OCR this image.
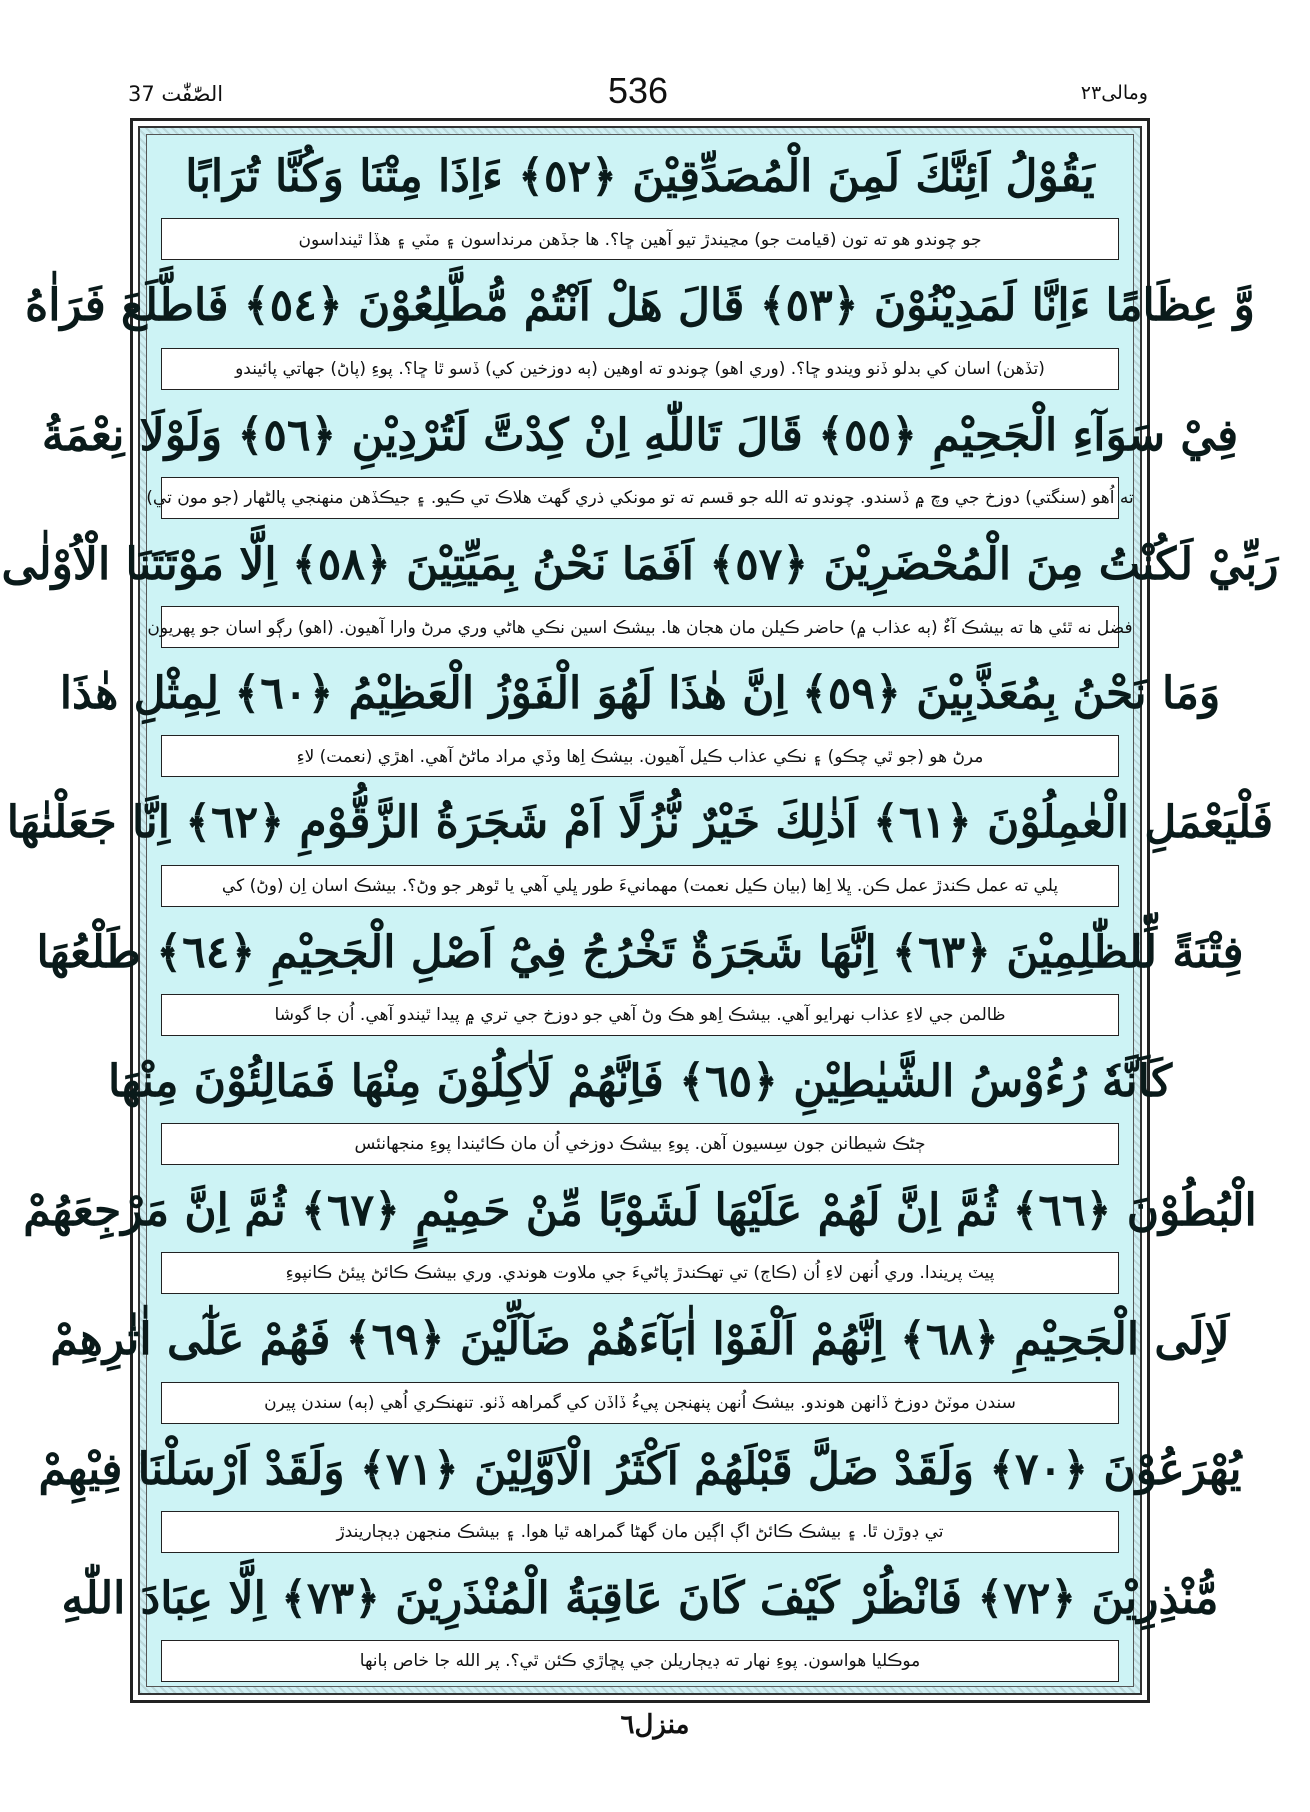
الصّٰفّٰت 37	536	ومالی٢٣
يَقُوْلُ اَئِنَّكَ لَمِنَ الْمُصَدِّقِيْنَ ﴿٥٢﴾ ءَاِذَا مِتْنَا وَكُنَّا تُرَابًا
جو چوندو هو ته تون (قيامت جو) مڃيندڙ تيو آهين ڇا؟. ها جڏهن مرنداسون ۽ مٽي ۽ هڏا ٿينداسون
وَّ عِظَامًا ءَاِنَّا لَمَدِيْنُوْنَ ﴿٥٣﴾ قَالَ هَلْ اَنْتُمْ مُّطَّلِعُوْنَ ﴿٥٤﴾ فَاطَّلَعَ فَرَاٰهُ
(تڏهن) اسان کي بدلو ڏنو ويندو ڇا؟. (وري اهو) چوندو ته اوهين (ٻه دوزخين کي) ڏسو ٿا ڇا؟. پوءِ (پاڻ) جهاتي پائيندو
فِيْ سَوَآءِ الْجَحِيْمِ ﴿٥٥﴾ قَالَ تَاللّٰهِ اِنْ كِدْتَّ لَتُرْدِيْنِ ﴿٥٦﴾ وَلَوْلَا نِعْمَةُ
ته اُهو (سنگتي) دوزخ جي وچ ۾ ڏسندو. چوندو ته الله جو قسم ته تو مونکي ذري گهٽ هلاڪ تي ڪيو. ۽ جيڪڏهن منهنجي پالڻهار (جو مون تي)
رَبِّيْ لَكُنْتُ مِنَ الْمُحْضَرِيْنَ ﴿٥٧﴾ اَفَمَا نَحْنُ بِمَيِّتِيْنَ ﴿٥٨﴾ اِلَّا مَوْتَتَنَا الْاُوْلٰى
فضل نه ٿئي ها ته بيشڪ آءٌ (ٻه عذاب ۾) حاضر ڪيلن مان هجان ها. بيشڪ اسين نڪي هاڻي وري مرڻ وارا آهيون. (اهو) رڳو اسان جو پهريون
وَمَا نَحْنُ بِمُعَذَّبِيْنَ ﴿٥٩﴾ اِنَّ هٰذَا لَهُوَ الْفَوْزُ الْعَظِيْمُ ﴿٦٠﴾ لِمِثْلِ هٰذَا
مرڻ هو (جو ٿي چڪو) ۽ نڪي عذاب ڪيل آهيون. بيشڪ اِها وڏي مراد ماڻڻ آهي. اهڙي (نعمت) لاءِ
فَلْيَعْمَلِ الْعٰمِلُوْنَ ﴿٦١﴾ اَذٰلِكَ خَيْرٌ نُّزُلًا اَمْ شَجَرَةُ الزَّقُّوْمِ ﴿٦٢﴾ اِنَّا جَعَلْنٰهَا
پلي ته عمل ڪندڙ عمل ڪن. ڀلا اِها (بيان ڪيل نعمت) مهمانيءَ طور ڀلي آهي يا ٿوهر جو وڻ؟. بيشڪ اسان اِن (وڻ) کي
فِتْنَةً لِّلظّٰلِمِيْنَ ﴿٦٣﴾ اِنَّهَا شَجَرَةٌ تَخْرُجُ فِيْٓ اَصْلِ الْجَحِيْمِ ﴿٦٤﴾ طَلْعُهَا
ظالمن جي لاءِ عذاب نهرايو آهي. بيشڪ اِهو هڪ وڻ آهي جو دوزخ جي تري ۾ پيدا ٿيندو آهي. اُن جا گوشا
كَاَنَّهٗ رُءُوْسُ الشَّيٰطِيْنِ ﴿٦٥﴾ فَاِنَّهُمْ لَاٰكِلُوْنَ مِنْهَا فَمَالِئُوْنَ مِنْهَا
ڄڻڪ شيطانن جون سِسيون آهن. پوءِ بيشڪ دوزخي اُن مان ڪائيندا پوءِ منجهانئس
الْبُطُوْنَ ﴿٦٦﴾ ثُمَّ اِنَّ لَهُمْ عَلَيْهَا لَشَوْبًا مِّنْ حَمِيْمٍ ﴿٦٧﴾ ثُمَّ اِنَّ مَرْجِعَهُمْ
پيٽ پريندا. وري اُنهن لاءِ اُن (ڪاڄ) تي تهڪندڙ پاڻيءَ جي ملاوت هوندي. وري بيشڪ ڪائڻ پيئڻ ڪانپوءِ
لَاِلَى الْجَحِيْمِ ﴿٦٨﴾ اِنَّهُمْ اَلْفَوْا اٰبَآءَهُمْ ضَآلِّيْنَ ﴿٦٩﴾ فَهُمْ عَلٰٓى اٰثٰرِهِمْ
سندن موٽڻ دوزخ ڏانهن هوندو. بيشڪ اُنهن پنهنجن پيءُ ڏاڏن کي گمراهه ڏٺو. تنهنڪري اُهي (ٻه) سندن پيرن
يُهْرَعُوْنَ ﴿٧٠﴾ وَلَقَدْ ضَلَّ قَبْلَهُمْ اَكْثَرُ الْاَوَّلِيْنَ ﴿٧١﴾ وَلَقَدْ اَرْسَلْنَا فِيْهِمْ
تي ڊوڙن ٿا. ۽ بيشڪ ڪائڻ اڳ اڳين مان گهڻا گمراهه ٿيا هوا. ۽ بيشڪ منجهن ڊيڄاريندڙ
مُّنْذِرِيْنَ ﴿٧٢﴾ فَانْظُرْ كَيْفَ كَانَ عَاقِبَةُ الْمُنْذَرِيْنَ ﴿٧٣﴾ اِلَّا عِبَادَ اللّٰهِ
موڪليا هواسون. پوءِ نهار ته ڊيڄاريلن جي پڇاڙي ڪئن ٿي؟. پر الله جا خاص ٻانها
منزل٦
